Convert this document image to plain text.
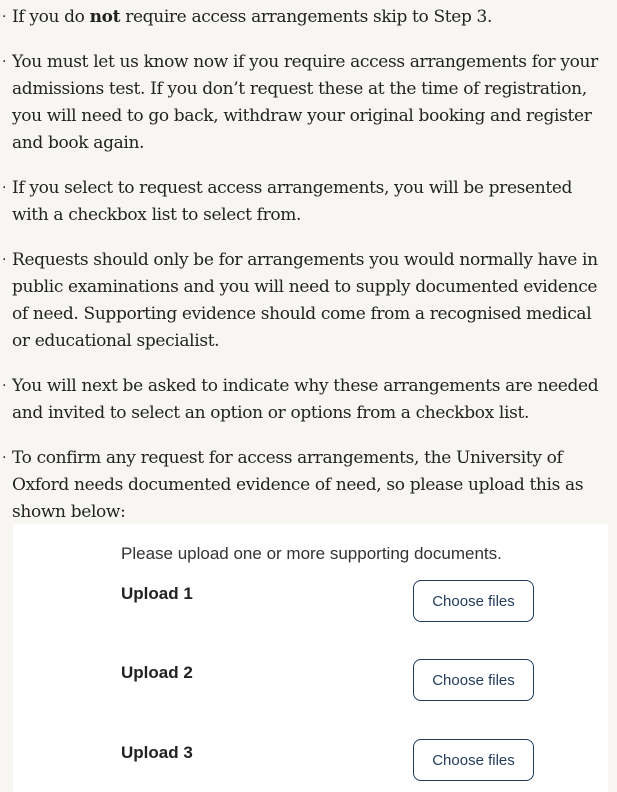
· If you do not require access arrangements skip to Step 3.
· You must let us know now if you require access arrangements for your admissions test. If you don’t request these at the time of registration, you will need to go back, withdraw your original booking and register and book again.
· If you select to request access arrangements, you will be presented with a checkbox list to select from.
· Requests should only be for arrangements you would normally have in public examinations and you will need to supply documented evidence of need. Supporting evidence should come from a recognised medical or educational specialist.
· You will next be asked to indicate why these arrangements are needed and invited to select an option or options from a checkbox list.
· To confirm any request for access arrangements, the University of Oxford needs documented evidence of need, so please upload this as shown below:
Please upload one or more supporting documents.
Upload 1	Choose files
Upload 2	Choose files
Upload 3	Choose files
